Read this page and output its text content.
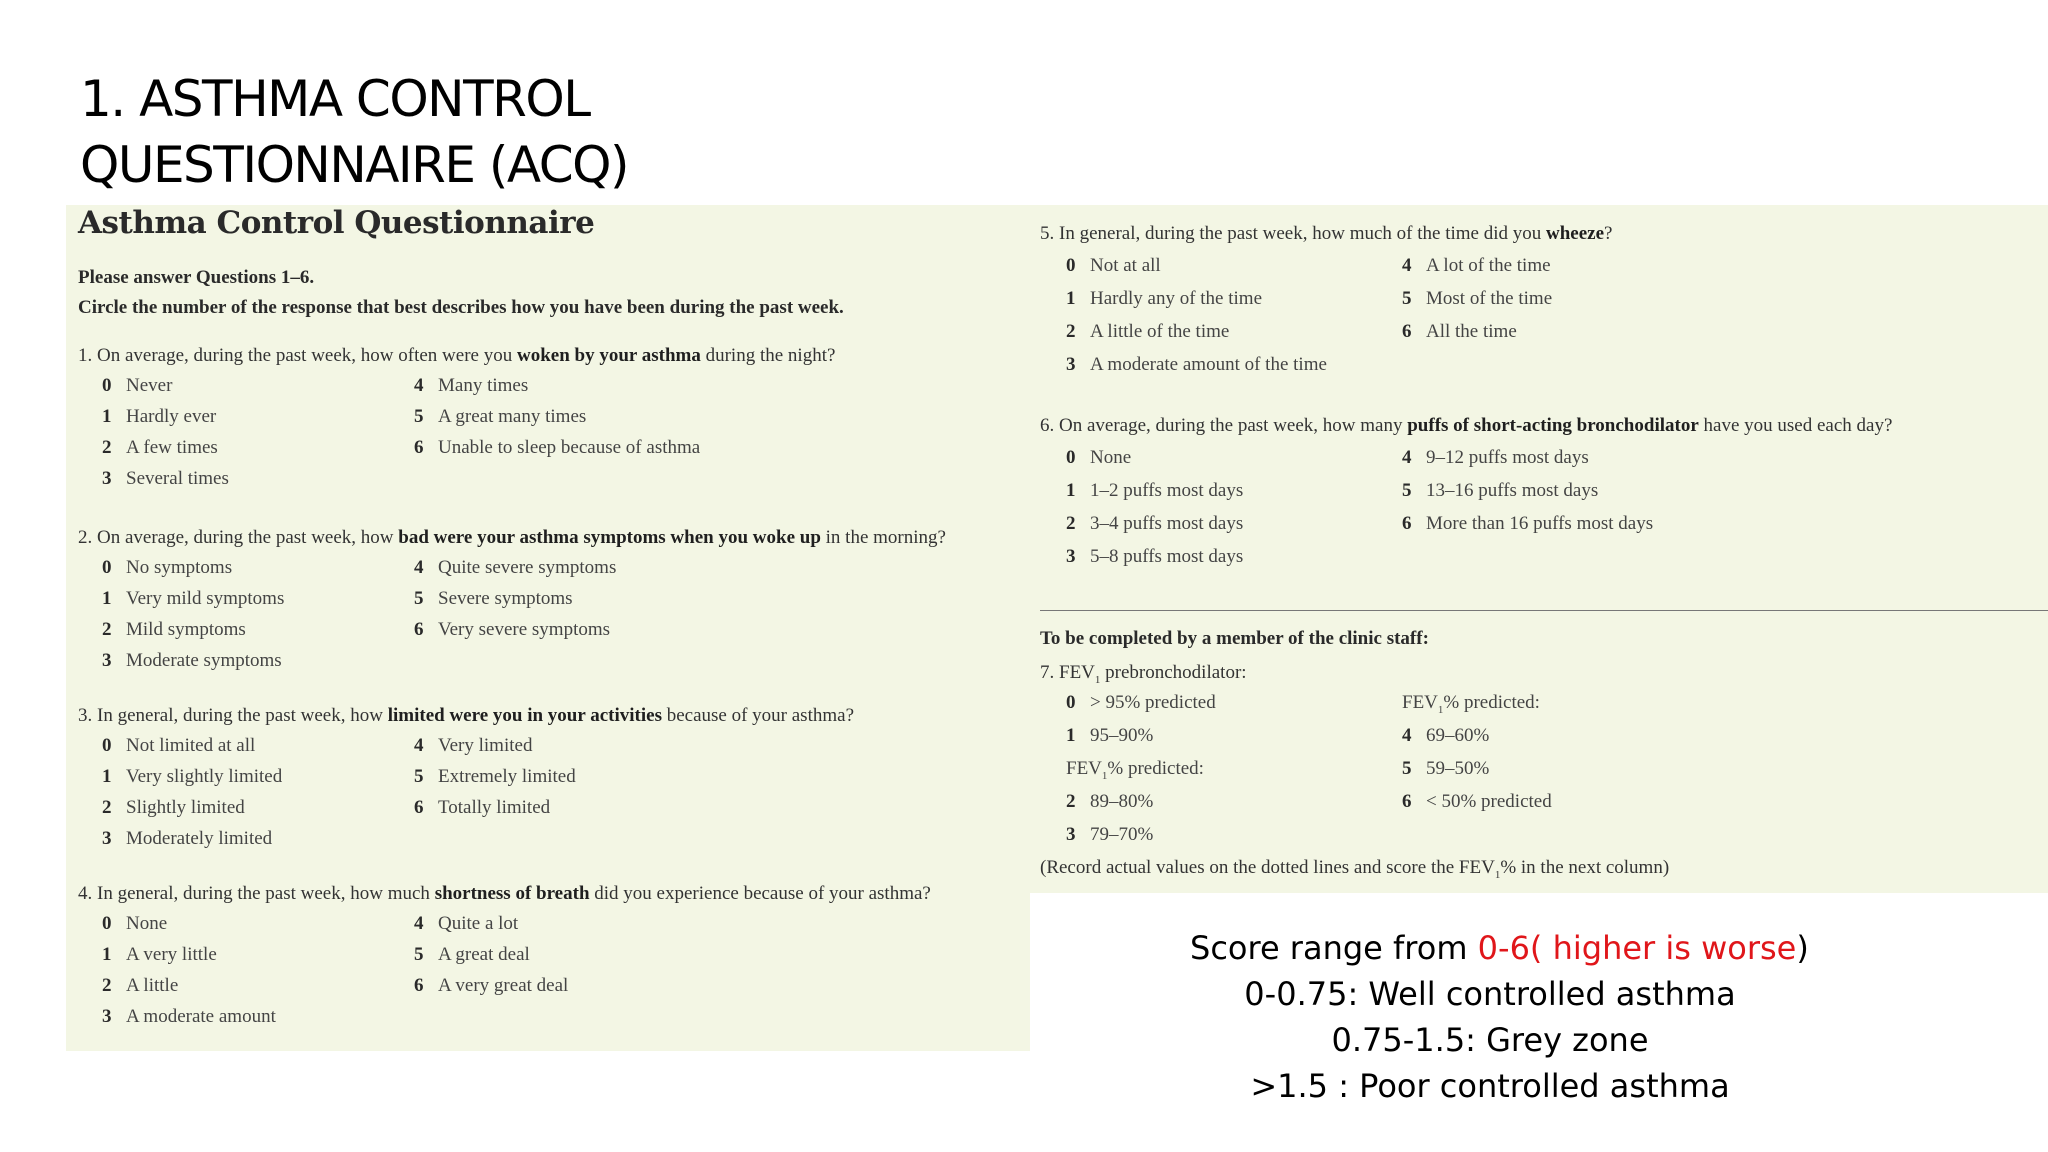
1. ASTHMA CONTROL
QUESTIONNAIRE (ACQ)
Asthma Control Questionnaire
Please answer Questions 1–6.
Circle the number of the response that best describes how you have been during the past week.
1. On average, during the past week, how often were you woken by your asthma during the night?
0 Never
1 Hardly ever
2 A few times
3 Several times
4 Many times
5 A great many times
6 Unable to sleep because of asthma
2. On average, during the past week, how bad were your asthma symptoms when you woke up in the morning?
0 No symptoms
1 Very mild symptoms
2 Mild symptoms
3 Moderate symptoms
4 Quite severe symptoms
5 Severe symptoms
6 Very severe symptoms
3. In general, during the past week, how limited were you in your activities because of your asthma?
0 Not limited at all
1 Very slightly limited
2 Slightly limited
3 Moderately limited
4 Very limited
5 Extremely limited
6 Totally limited
4. In general, during the past week, how much shortness of breath did you experience because of your asthma?
0 None
1 A very little
2 A little
3 A moderate amount
4 Quite a lot
5 A great deal
6 A very great deal
5. In general, during the past week, how much of the time did you wheeze?
0 Not at all
1 Hardly any of the time
2 A little of the time
3 A moderate amount of the time
4 A lot of the time
5 Most of the time
6 All the time
6. On average, during the past week, how many puffs of short-acting bronchodilator have you used each day?
0 None
1 1–2 puffs most days
2 3–4 puffs most days
3 5–8 puffs most days
4 9–12 puffs most days
5 13–16 puffs most days
6 More than 16 puffs most days
To be completed by a member of the clinic staff:
7. $FEV_1$ prebronchodilator:
0 > 95% predicted
1 95–90%
$FEV_1\%$ predicted:
2 89–80%
3 79–70%
$FEV_1\%$ predicted:
4 69–60%
5 59–50%
6 < 50% predicted
(Record actual values on the dotted lines and score the $FEV_1\%$ in the next column)
Score range from 0-6( higher is worse)
0-0.75: Well controlled asthma
0.75-1.5: Grey zone
>1.5 : Poor controlled asthma
